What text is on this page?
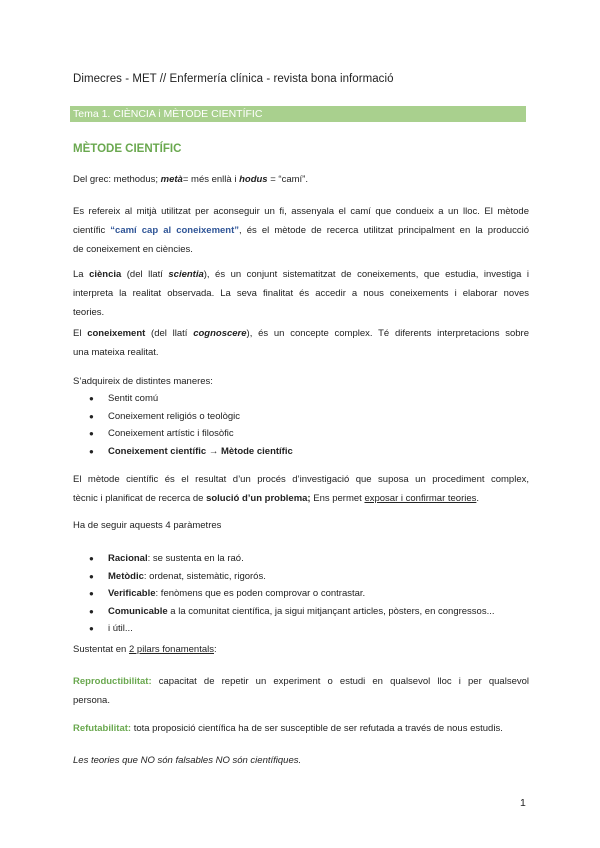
Dimecres - MET // Enfermería clínica - revista bona informació
Tema 1. CIÈNCIA i MÈTODE CIENTÍFIC
MÈTODE CIENTÍFIC
Del grec: methodus; metà= més enllà i hodus = “camí”.
Es refereix al mitjà utilitzat per aconseguir un fi, assenyala el camí que condueix a un lloc. El mètode
científic “camí cap al coneixement”, és el mètode de recerca utilitzat principalment en la producció
de coneixement en ciències.
La ciència (del llatí scientia), és un conjunt sistematitzat de coneixements, que estudia, investiga i
interpreta la realitat observada. La seva finalitat és accedir a nous coneixements i elaborar noves
teories.
El coneixement (del llatí cognoscere), és un concepte complex. Té diferents interpretacions sobre
una mateixa realitat.
S’adquireix de distintes maneres:
● Sentit comú
● Coneixement religiós o teològic
● Coneixement artístic i filosòfic
● Coneixement científic → Mètode científic
El mètode científic és el resultat d’un procés d’investigació que suposa un procediment complex,
tècnic i planificat de recerca de solució d’un problema; Ens permet exposar i confirmar teories.
Ha de seguir aquests 4 paràmetres
● Racional: se sustenta en la raó.
● Metòdic: ordenat, sistemàtic, rigorós.
● Verificable: fenòmens que es poden comprovar o contrastar.
● Comunicable a la comunitat científica, ja sigui mitjançant articles, pòsters, en congressos...
● i útil...
Sustentat en 2 pilars fonamentals:
Reproductibilitat: capacitat de repetir un experiment o estudi en qualsevol lloc i per qualsevol
persona.
Refutabilitat: tota proposició científica ha de ser susceptible de ser refutada a través de nous estudis.
Les teories que NO són falsables NO són científiques.
1
